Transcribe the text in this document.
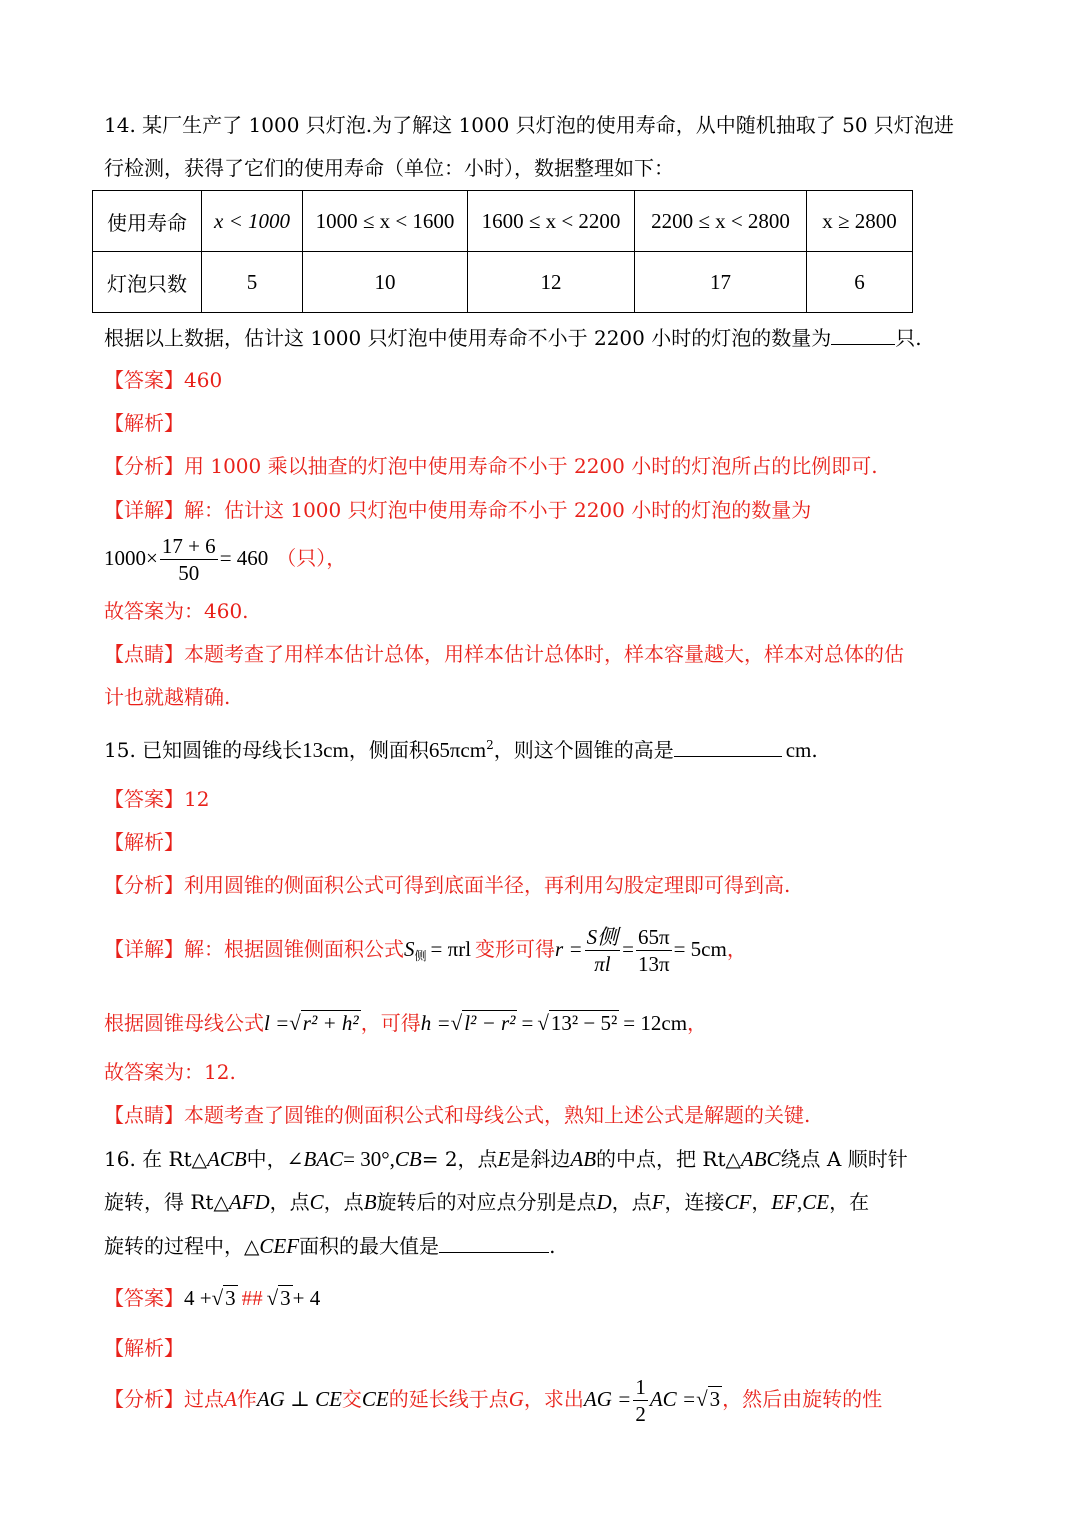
14. 某厂生产了 1000 只灯泡.为了解这 1000 只灯泡的使用寿命，从中随机抽取了 50 只灯泡进
行检测，获得了它们的使用寿命（单位：小时），数据整理如下：
使用寿命	x < 1000	1000 ≤ x < 1600	1600 ≤ x < 2200	2200 ≤ x < 2800	x ≥ 2800
灯泡只数	5	10	12	17	6
根据以上数据，估计这 1000 只灯泡中使用寿命不小于 2200 小时的灯泡的数量为	只.
【答案】460
【解析】
【分析】用 1000 乘以抽查的灯泡中使用寿命不小于 2200 小时的灯泡所占的比例即可.
【详解】解：估计这 1000 只灯泡中使用寿命不小于 2200 小时的灯泡的数量为
$1000\times \frac{17 + 6}{50} = 460$ （只），
故答案为：460.
【点睛】本题考查了用样本估计总体，用样本估计总体时，样本容量越大，样本对总体的估
计也就越精确.
15. 已知圆锥的母线长13cm，侧面积65πcm$^2$，则这个圆锥的高是	cm.
【答案】12
【解析】
【分析】利用圆锥的侧面积公式可得到底面半径，再利用勾股定理即可得到高.
【详解】解：根据圆锥侧面积公式$S_侧 = \pi rl$ 变形可得$r = \frac{\text{S侧}}{\pi l} = \frac{65\pi}{13\pi} = 5cm$，
根据圆锥母线公式l =√r² + h² ，可得h =√l² − r² = √13² − 5² = 12cm，
故答案为：12.
【点睛】本题考查了圆锥的侧面积公式和母线公式，熟知上述公式是解题的关键.
16. 在 Rt△ACB中，∠BAC= 30°,CB= 2，点E是斜边AB的中点，把 Rt△ABC绕点 A 顺时针
旋转，得 Rt△AFD，点C，点B旋转后的对应点分别是点D，点F，连接CF，EF,CE，在
旋转的过程中，△CEF面积的最大值是	.
【答案】4 +√3 ## √3+ 4
【解析】
【分析】过点A作AG ⊥ CE交CE的延长线于点G，求出AG = $\frac{1}{2}$ AC =√3 ，然后由旋转的性
